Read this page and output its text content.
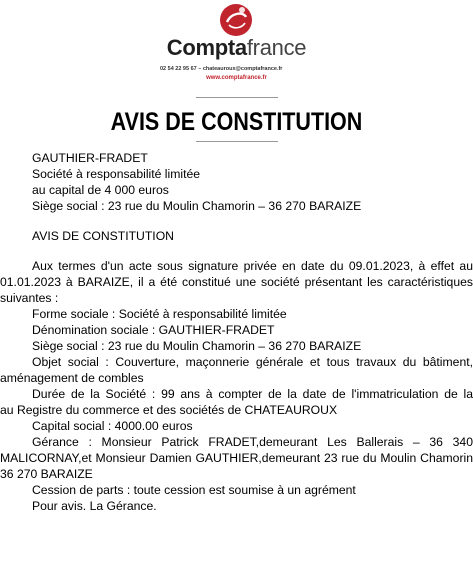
Comptafrance
02 54 22 95 67 – chateauroux@comptafrance.fr
www.comptafrance.fr
AVIS DE CONSTITUTION
GAUTHIER-FRADET
Société à responsabilité limitée
au capital de 4 000 euros
Siège social : 23 rue du Moulin Chamorin – 36 270 BARAIZE
AVIS DE CONSTITUTION
Aux termes d'un acte sous signature privée en date du 09.01.2023, à effet au
01.01.2023 à BARAIZE, il a été constitué une société présentant les caractéristiques
suivantes :
Forme sociale : Société à responsabilité limitée
Dénomination sociale : GAUTHIER-FRADET
Siège social : 23 rue du Moulin Chamorin – 36 270 BARAIZE
Objet social : Couverture, maçonnerie générale et tous travaux du bâtiment,
aménagement de combles
Durée de la Société : 99 ans à compter de la date de l'immatriculation de la
au Registre du commerce et des sociétés de CHATEAUROUX
Capital social : 4000.00 euros
Gérance : Monsieur Patrick FRADET,demeurant Les Ballerais – 36 340
MALICORNAY,et Monsieur Damien GAUTHIER,demeurant 23 rue du Moulin Chamorin
36 270 BARAIZE
Cession de parts : toute cession est soumise à un agrément
Pour avis. La Gérance.
